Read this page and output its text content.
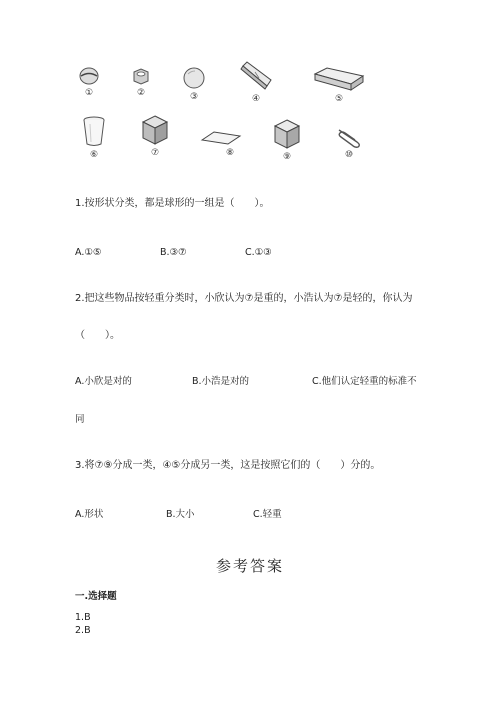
①	②	③	④	⑤
⑥	⑦	⑧	⑨	⑩
1.按形状分类，都是球形的一组是（　　）。
A.①⑤	B.③⑦	C.①③
2.把这些物品按轻重分类时，小欣认为⑦是重的，小浩认为⑦是轻的，你认为
（　　）。
A.小欣是对的	B.小浩是对的	C.他们认定轻重的标准不
同
3.将⑦⑨分成一类，④⑤分成另一类，这是按照它们的（　　）分的。
A.形状	B.大小	C.轻重
参考答案
一.选择题
1.B
2.B
